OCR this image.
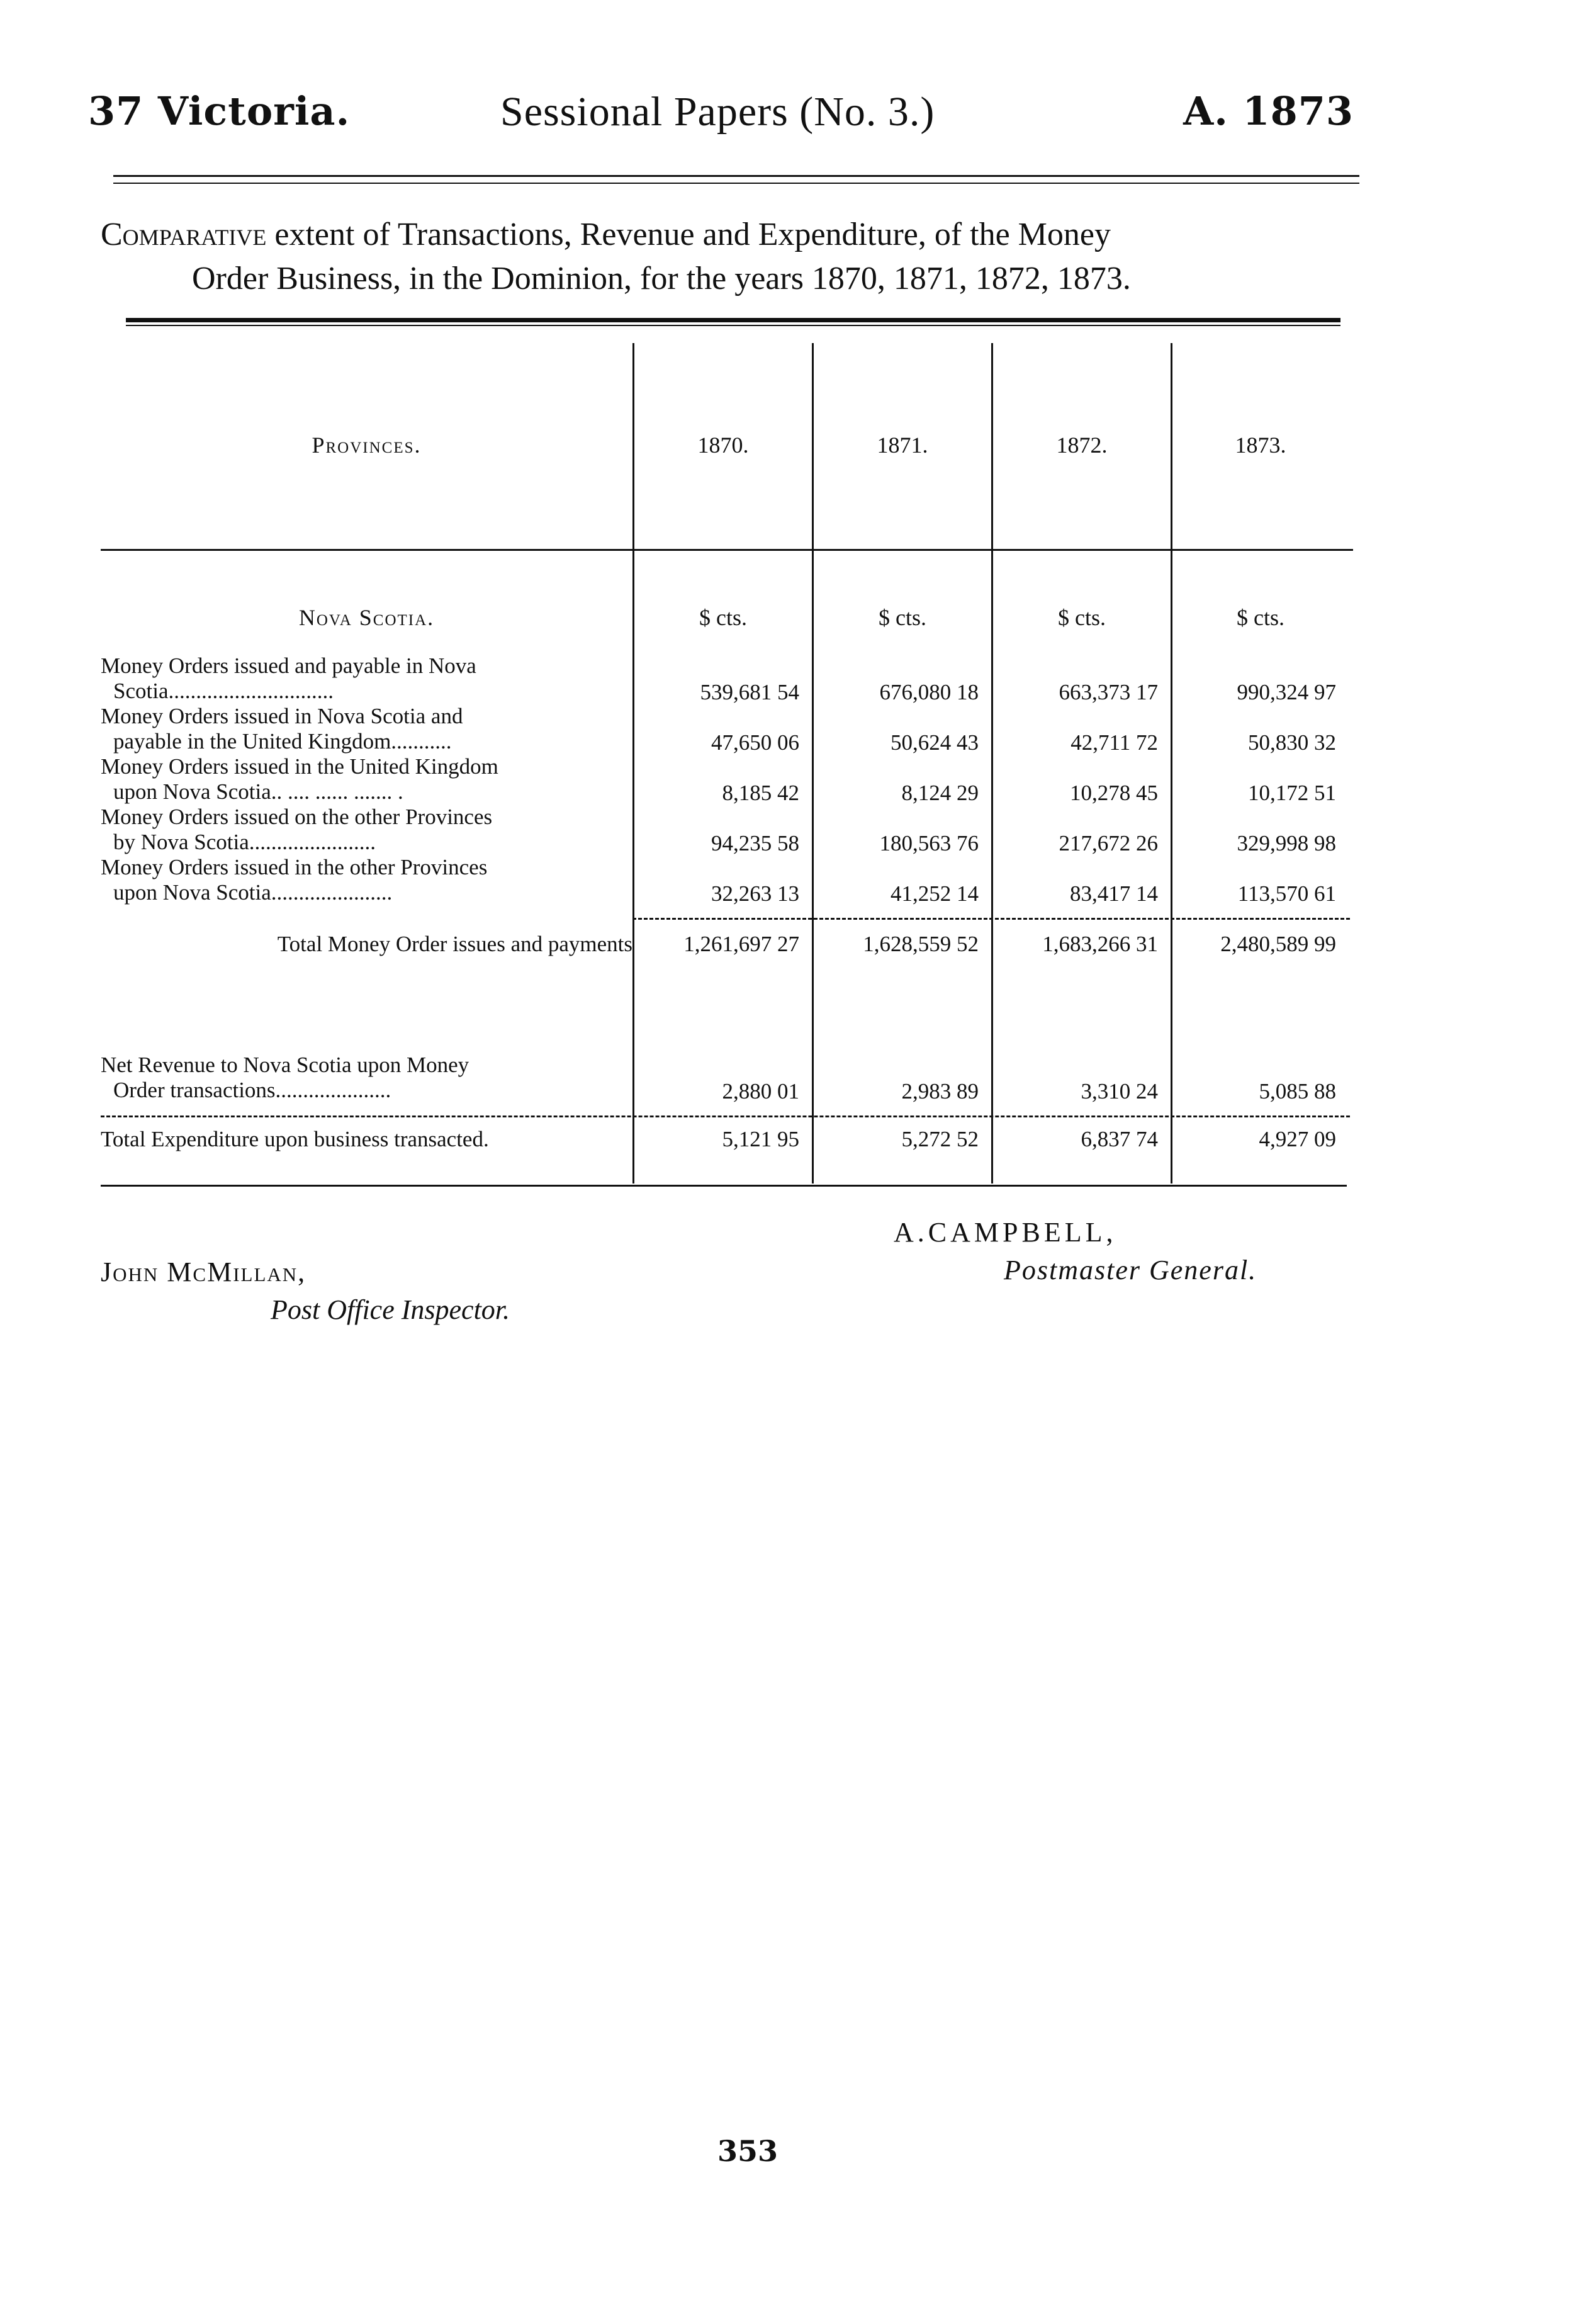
37 Victoria.	Sessional Papers (No. 3.)	A. 1873
Comparative extent of Transactions, Revenue and Expenditure, of the Money
Order Business, in the Dominion, for the years 1870, 1871, 1872, 1873.
Provinces.	1870.	1871.	1872.	1873.
Nova Scotia.	$ cts.	$ cts.	$ cts.	$ cts.
Money Orders issued and payable in Nova
Scotia..............................	539,681 54	676,080 18	663,373 17	990,324 97
Money Orders issued in Nova Scotia and
payable in the United Kingdom...........	47,650 06	50,624 43	42,711 72	50,830 32
Money Orders issued in the United Kingdom
upon Nova Scotia.. .... ...... ....... .	8,185 42	8,124 29	10,278 45	10,172 51
Money Orders issued on the other Provinces
by Nova Scotia.......................	94,235 58	180,563 76	217,672 26	329,998 98
Money Orders issued in the other Provinces
upon Nova Scotia......................	32,263 13	41,252 14	83,417 14	113,570 61
Total Money Order issues and payments	1,261,697 27	1,628,559 52	1,683,266 31	2,480,589 99
Net Revenue to Nova Scotia upon Money
Order transactions.....................	2,880 01	2,983 89	3,310 24	5,085 88
Total Expenditure upon business transacted.	5,121 95	5,272 52	6,837 74	4,927 09
John McMillan,
Post Office Inspector.
A.CAMPBELL,
Postmaster General.
353
